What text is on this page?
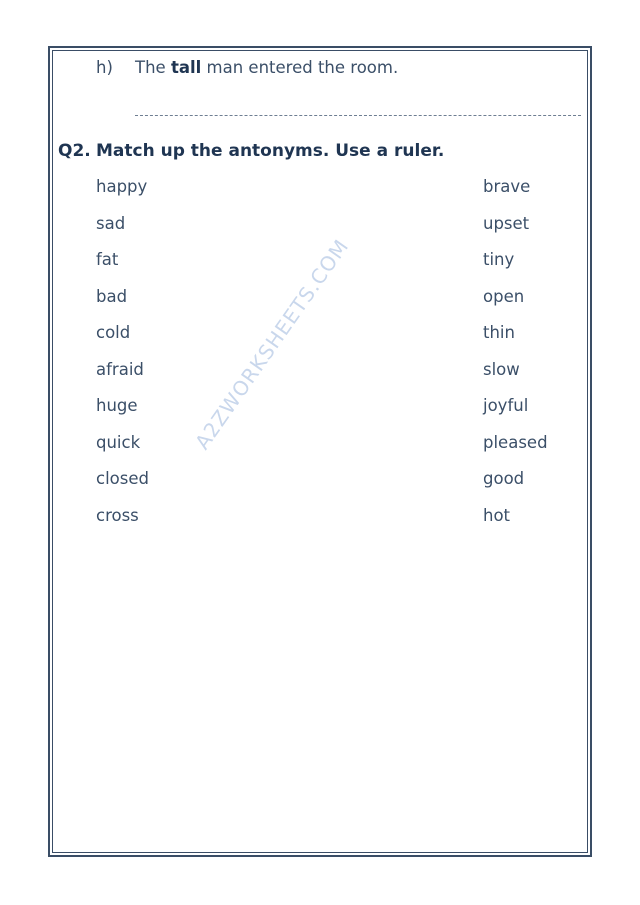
h) The tall man entered the room.
Q2. Match up the antonyms. Use a ruler.
happy
sad
fat
bad
cold
afraid
huge
quick
closed
cross
brave
upset
tiny
open
thin
slow
joyful
pleased
good
hot
A2ZWORKSHEETS.COM
